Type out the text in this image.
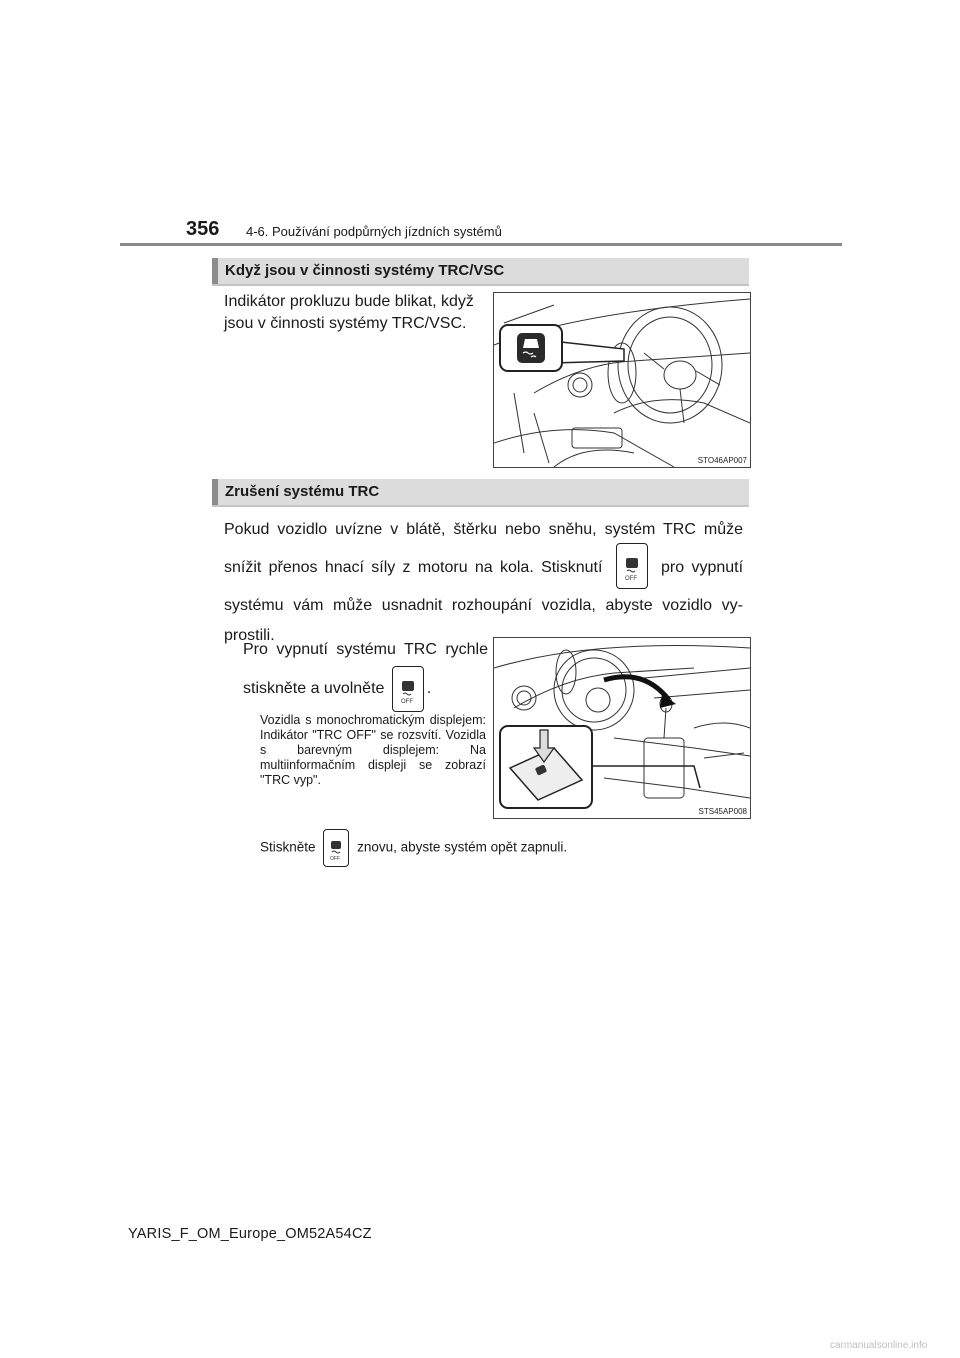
356 4-6. Používání podpůrných jízdních systémů
Když jsou v činnosti systémy TRC/VSC
Indikátor prokluzu bude blikat, když jsou v činnosti systémy TRC/VSC.
STO46AP007
Zrušení systému TRC
Pokud vozidlo uvízne v blátě, štěrku nebo sněhu, systém TRC může snížit přenos hnací síly z motoru na kola. Stisknutí
OFF
pro vypnutí systému vám může usnadnit rozhoupání vozidla, abyste vozidlo vy-prostili.
Pro vypnutí systému TRC rychle stiskněte a uvolněte
OFF
.
Vozidla s monochromatickým displejem: Indikátor "TRC OFF" se rozsvítí. Vozidla s barevným displejem: Na multiinformačním displeji se zobrazí "TRC vyp".
STS45AP008
Stiskněte
OFF
znovu, abyste systém opět zapnuli.
YARIS_F_OM_Europe_OM52A54CZ
carmanualsonline.info
